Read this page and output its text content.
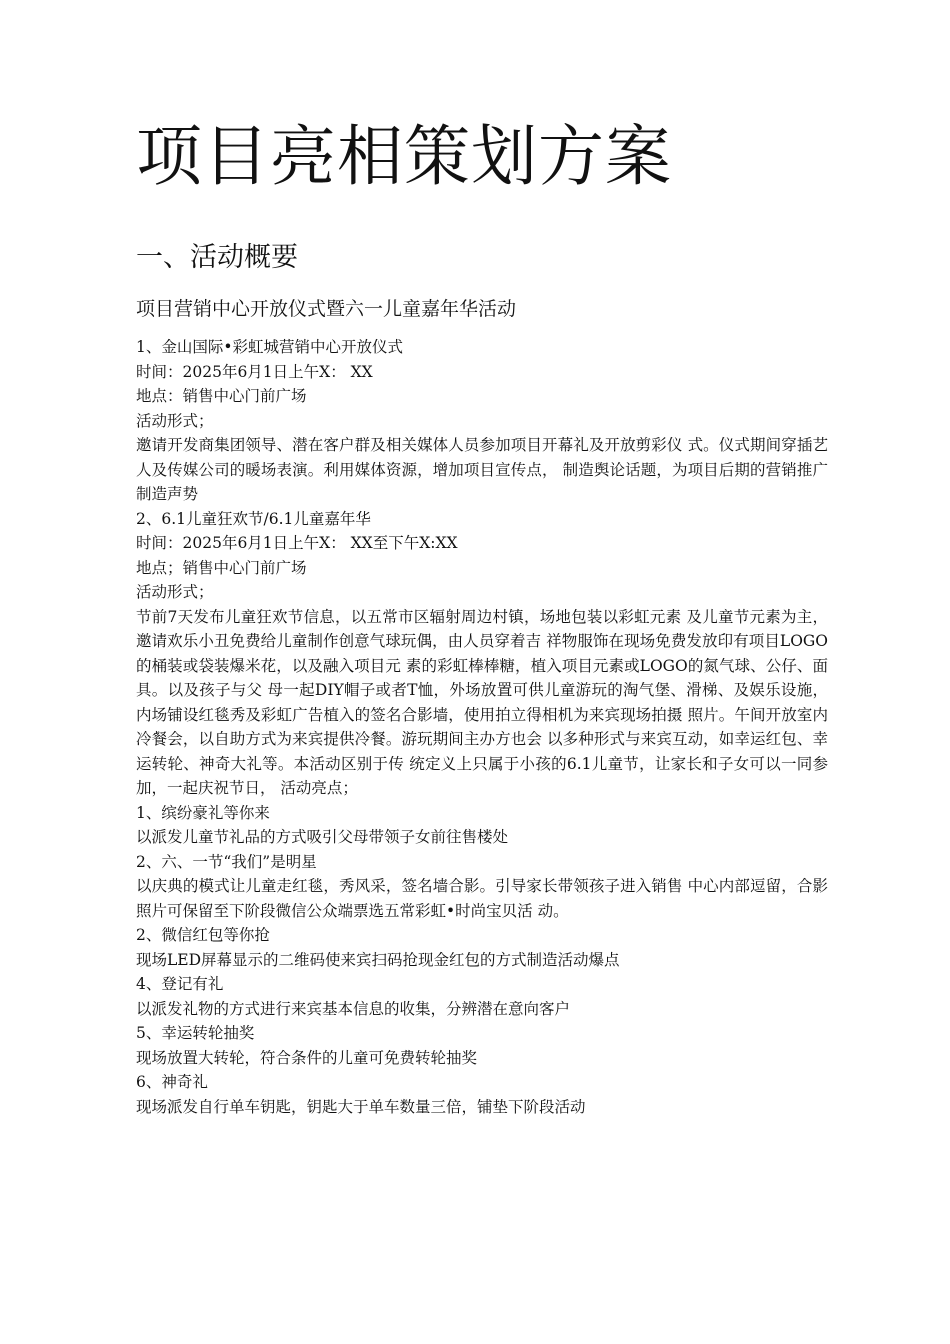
项目亮相策划方案
一、活动概要
项目营销中心开放仪式暨六一儿童嘉年华活动

1、金山国际•彩虹城营销中心开放仪式

时间：2025年6月1日上午X： XX

地点：销售中心门前广场

活动形式；

邀请开发商集团领导、潜在客户群及相关媒体人员参加项目开幕礼及开放剪彩仪 式。仪式期间穿插艺人及传媒公司的暖场表演。利用媒体资源，增加项目宣传点， 制造舆论话题，为项目后期的营销推广制造声势

2、6.1儿童狂欢节/6.1儿童嘉年华

时间：2025年6月1日上午X： XX至下午X:XX

地点；销售中心门前广场

活动形式；

节前7天发布儿童狂欢节信息，以五常市区辐射周边村镇，场地包装以彩虹元素 及儿童节元素为主，邀请欢乐小丑免费给儿童制作创意气球玩偶，由人员穿着吉 祥物服饰在现场免费发放印有项目LOGO的桶装或袋装爆米花，以及融入项目元 素的彩虹棒棒糖，植入项目元素或LOGO的氮气球、公仔、面具。以及孩子与父 母一起DIY帽子或者T恤，外场放置可供儿童游玩的淘气堡、滑梯、及娱乐设施， 内场铺设红毯秀及彩虹广告植入的签名合影墙，使用拍立得相机为来宾现场拍摄 照片。午间开放室内冷餐会，以自助方式为来宾提供冷餐。游玩期间主办方也会 以多种形式与来宾互动，如幸运红包、幸运转轮、神奇大礼等。本活动区别于传 统定义上只属于小孩的6.1儿童节，让家长和子女可以一同参加，一起庆祝节日， 活动亮点；

1、缤纷豪礼等你来

以派发儿童节礼品的方式吸引父母带领子女前往售楼处

2、六、一节“我们”是明星

以庆典的模式让儿童走红毯，秀风采，签名墙合影。引导家长带领孩子进入销售 中心内部逗留，合影照片可保留至下阶段微信公众端票选五常彩虹•时尚宝贝活 动。

2、微信红包等你抢

现场LED屏幕显示的二维码使来宾扫码抢现金红包的方式制造活动爆点

4、登记有礼

以派发礼物的方式进行来宾基本信息的收集，分辨潜在意向客户

5、幸运转轮抽奖

现场放置大转轮，符合条件的儿童可免费转轮抽奖

6、神奇礼

现场派发自行单车钥匙，钥匙大于单车数量三倍，铺垫下阶段活动
